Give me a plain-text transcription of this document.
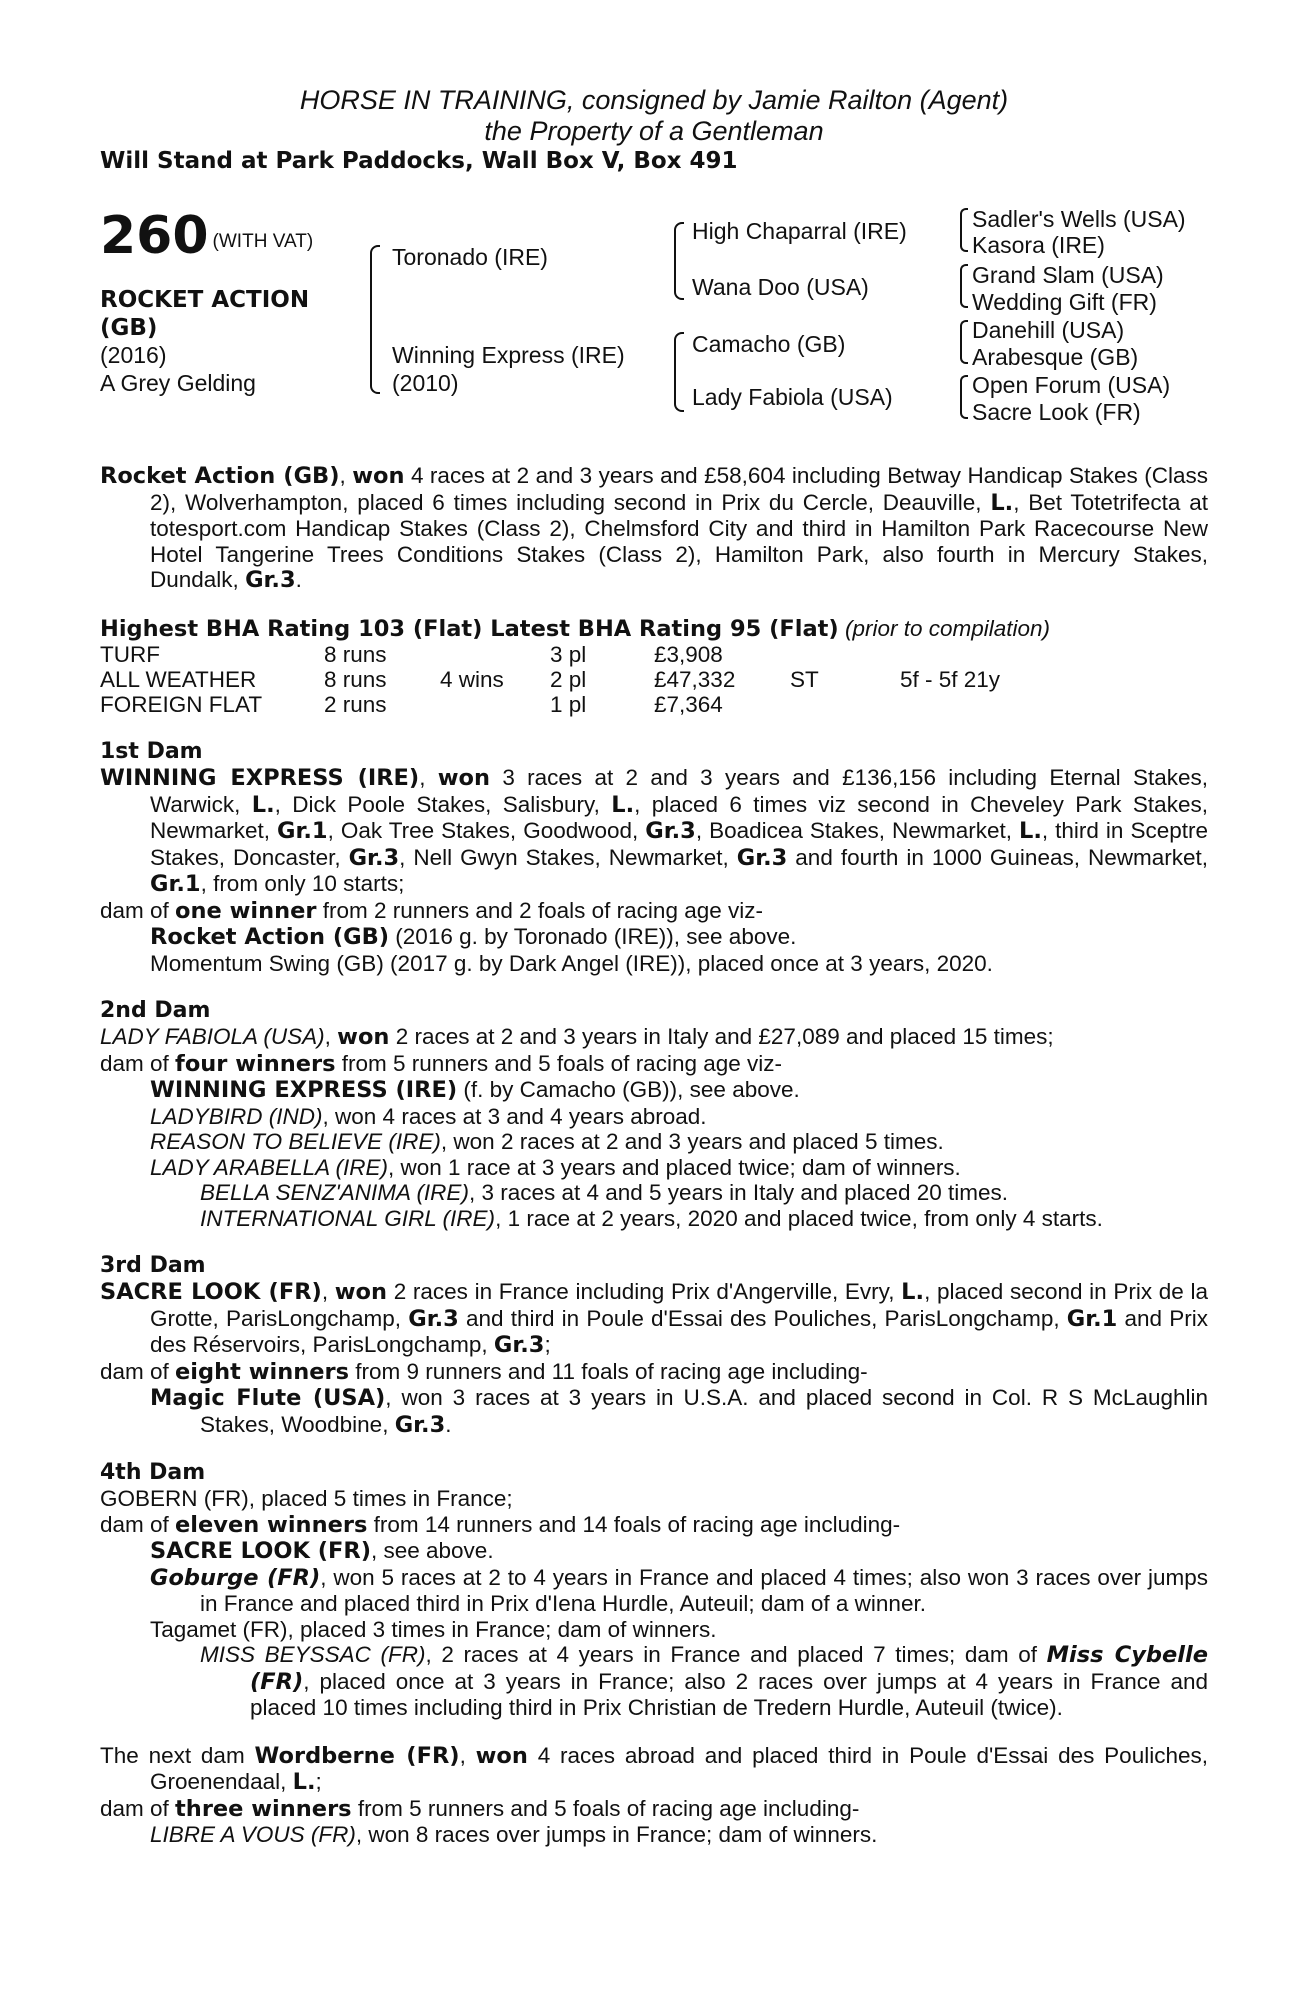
HORSE IN TRAINING, consigned by Jamie Railton (Agent)
the Property of a Gentleman
Will Stand at Park Paddocks, Wall Box V, Box 491
260 (WITH VAT)
ROCKET ACTION (GB)
(2016)
A Grey Gelding
Toronado (IRE)
Winning Express (IRE)
(2010)
High Chaparral (IRE)
Wana Doo (USA)
Camacho (GB)
Lady Fabiola (USA)
Sadler's Wells (USA)
Kasora (IRE)
Grand Slam (USA)
Wedding Gift (FR)
Danehill (USA)
Arabesque (GB)
Open Forum (USA)
Sacre Look (FR)
Rocket Action (GB), won 4 races at 2 and 3 years and £58,604 including Betway Handicap Stakes (Class 2), Wolverhampton, placed 6 times including second in Prix du Cercle, Deauville, L., Bet Totetrifecta at totesport.com Handicap Stakes (Class 2), Chelmsford City and third in Hamilton Park Racecourse New Hotel Tangerine Trees Conditions Stakes (Class 2), Hamilton Park, also fourth in Mercury Stakes, Dundalk, Gr.3.
Highest BHA Rating 103 (Flat) Latest BHA Rating 95 (Flat) (prior to compilation)
TURF	8 runs		3 pl	£3,908		
ALL WEATHER	8 runs	4 wins	2 pl	£47,332	ST	5f - 5f 21y
FOREIGN FLAT	2 runs		1 pl	£7,364		
1st Dam
WINNING EXPRESS (IRE), won 3 races at 2 and 3 years and £136,156 including Eternal Stakes, Warwick, L., Dick Poole Stakes, Salisbury, L., placed 6 times viz second in Cheveley Park Stakes, Newmarket, Gr.1, Oak Tree Stakes, Goodwood, Gr.3, Boadicea Stakes, Newmarket, L., third in Sceptre Stakes, Doncaster, Gr.3, Nell Gwyn Stakes, Newmarket, Gr.3 and fourth in 1000 Guineas, Newmarket, Gr.1, from only 10 starts;
dam of one winner from 2 runners and 2 foals of racing age viz-
Rocket Action (GB) (2016 g. by Toronado (IRE)), see above.
Momentum Swing (GB) (2017 g. by Dark Angel (IRE)), placed once at 3 years, 2020.
2nd Dam
LADY FABIOLA (USA), won 2 races at 2 and 3 years in Italy and £27,089 and placed 15 times;
dam of four winners from 5 runners and 5 foals of racing age viz-
WINNING EXPRESS (IRE) (f. by Camacho (GB)), see above.
LADYBIRD (IND), won 4 races at 3 and 4 years abroad.
REASON TO BELIEVE (IRE), won 2 races at 2 and 3 years and placed 5 times.
LADY ARABELLA (IRE), won 1 race at 3 years and placed twice; dam of winners.
BELLA SENZ'ANIMA (IRE), 3 races at 4 and 5 years in Italy and placed 20 times.
INTERNATIONAL GIRL (IRE), 1 race at 2 years, 2020 and placed twice, from only 4 starts.
3rd Dam
SACRE LOOK (FR), won 2 races in France including Prix d'Angerville, Evry, L., placed second in Prix de la Grotte, ParisLongchamp, Gr.3 and third in Poule d'Essai des Pouliches, ParisLongchamp, Gr.1 and Prix des Réservoirs, ParisLongchamp, Gr.3;
dam of eight winners from 9 runners and 11 foals of racing age including-
Magic Flute (USA), won 3 races at 3 years in U.S.A. and placed second in Col. R S McLaughlin Stakes, Woodbine, Gr.3.
4th Dam
GOBERN (FR), placed 5 times in France;
dam of eleven winners from 14 runners and 14 foals of racing age including-
SACRE LOOK (FR), see above.
Goburge (FR), won 5 races at 2 to 4 years in France and placed 4 times; also won 3 races over jumps in France and placed third in Prix d'Iena Hurdle, Auteuil; dam of a winner.
Tagamet (FR), placed 3 times in France; dam of winners.
MISS BEYSSAC (FR), 2 races at 4 years in France and placed 7 times; dam of Miss Cybelle (FR), placed once at 3 years in France; also 2 races over jumps at 4 years in France and placed 10 times including third in Prix Christian de Tredern Hurdle, Auteuil (twice).
The next dam Wordberne (FR), won 4 races abroad and placed third in Poule d'Essai des Pouliches, Groenendaal, L.;
dam of three winners from 5 runners and 5 foals of racing age including-
LIBRE A VOUS (FR), won 8 races over jumps in France; dam of winners.
